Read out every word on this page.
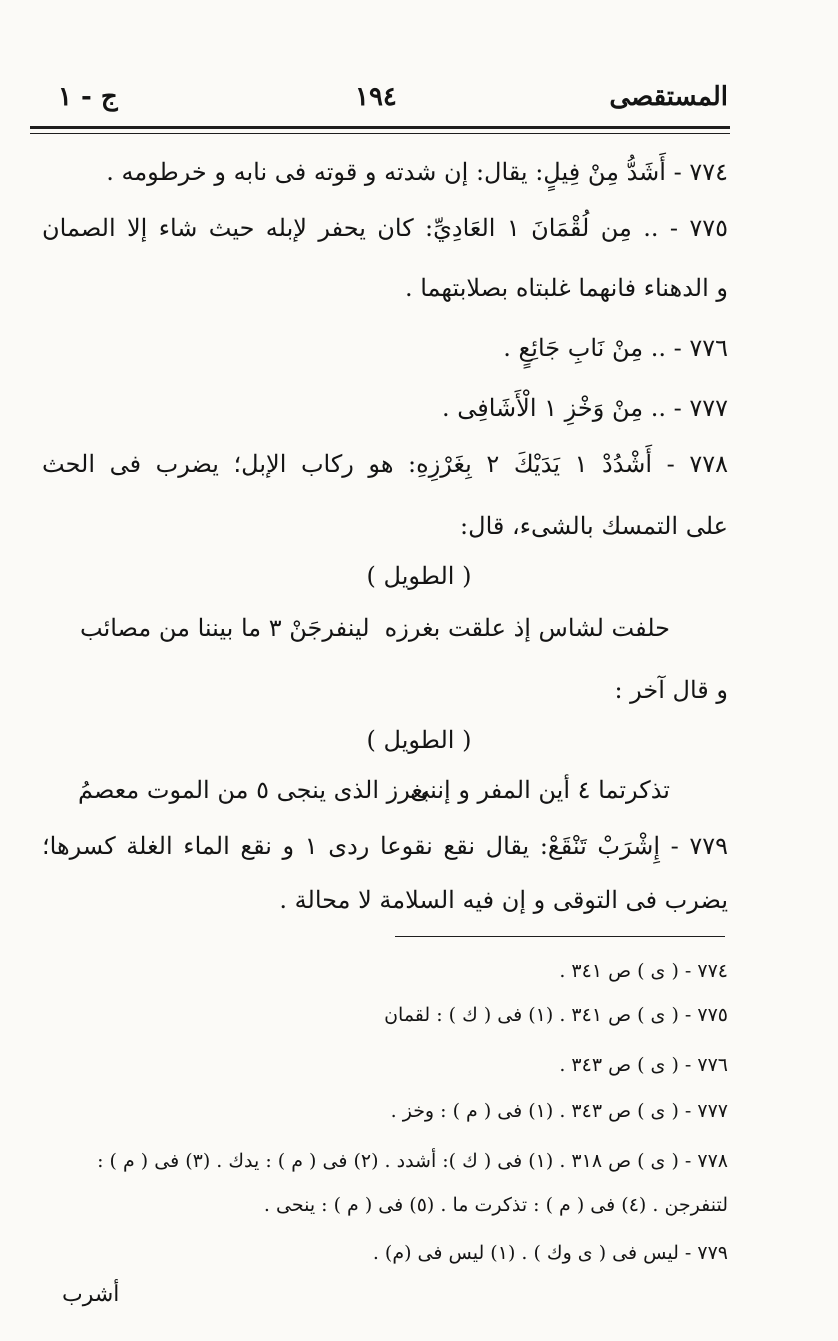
المستقصى
١٩٤
ج - ١
٧٧٤ - أَشَدُّ مِنْ فِيلٍ: يقال: إن شدته و قوته فى نابه و خرطومه .
٧٧٥ - .. مِن لُقْمَانَ ١ العَادِيِّ: كان يحفر لإبله حيث شاء إلا الصمان
و الدهناء فانهما غلبتاه بصلابتهما .
٧٧٦ - .. مِنْ نَابِ جَائِعٍ .
٧٧٧ - .. مِنْ وَخْزِ ١ الْأَشَافِى .
٧٧٨ - أَشْدُدْ ١ يَدَيْكَ ٢ بِغَرْزِهِ: هو ركاب الإبل؛ يضرب فى الحث
على التمسك بالشىء، قال:
( الطويل )
حلفت لشاس إذ علقت بغرزه
لينفرجَنْ ٣ ما بيننا من مصائب
و قال آخر :
( الطويل )
تذكرتما ٤ أين المفر و إننى
بغرز الذى ينجى ٥ من الموت معصمُ
٧٧٩ - إِشْرَبْ تَنْقَعْ: يقال نقع نقوعا ردى ١ و نقع الماء الغلة كسرها؛
يضرب فى التوقى و إن فيه السلامة لا محالة .
٧٧٤ - ( ى ) ص ٣٤١ .
٧٧٥ - ( ى ) ص ٣٤١ . (١) فى ( ك ) : لقمان
٧٧٦ - ( ى ) ص ٣٤٣ .
٧٧٧ - ( ى ) ص ٣٤٣ . (١) فى ( م ) : وخز .
٧٧٨ - ( ى ) ص ٣١٨ . (١) فى ( ك ): أشدد . (٢) فى ( م ) : يدك . (٣) فى ( م ) :
لتنفرجن . (٤) فى ( م ) : تذكرت ما . (٥) فى ( م ) : ينحى .
٧٧٩ - ليس فى ( ى وك ) . (١) ليس فى (م) .
أشرب
